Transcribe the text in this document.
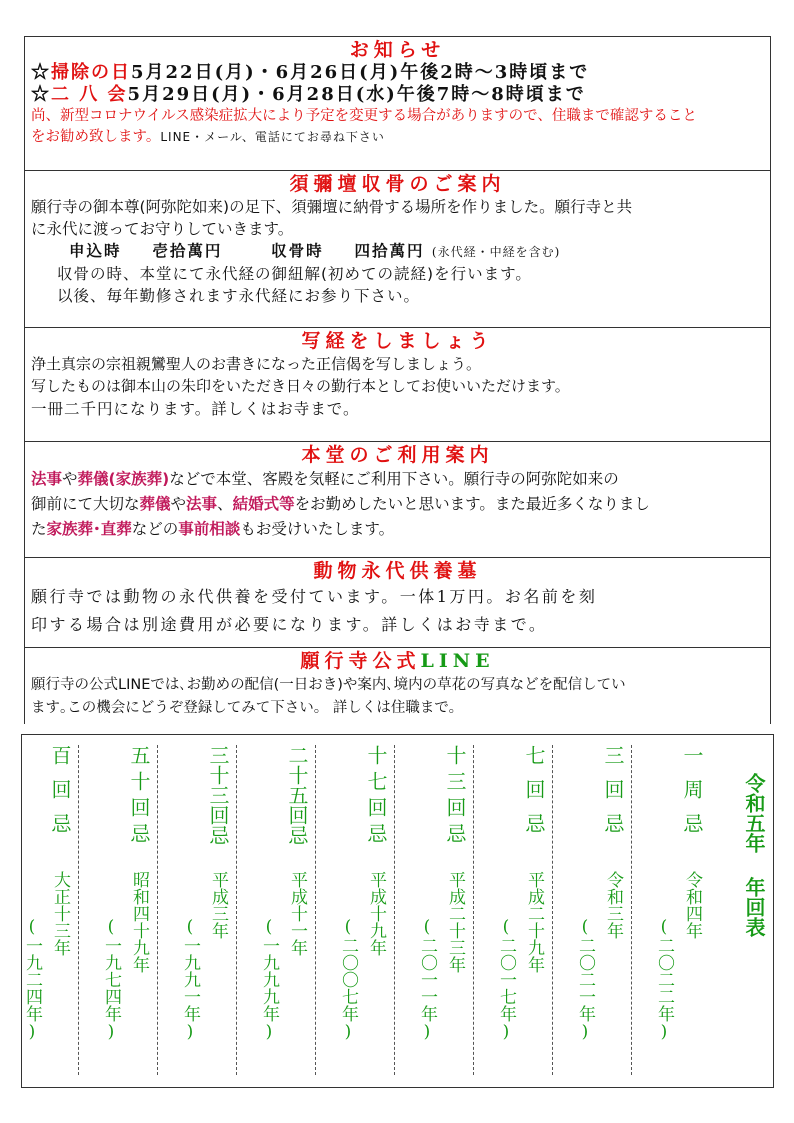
お知らせ
☆掃除の日5月22日(月)・6月26日(月)午後2時～3時頃まで
☆二 八 会5月29日(月)・6月28日(水)午後7時～8時頃まで
尚、新型コロナウイルス感染症拡大により予定を変更する場合がありますので、住職まで確認すること
をお勧め致します。LINE・メール、電話にてお尋ね下さい
須彌壇収骨のご案内
願行寺の御本尊(阿弥陀如来)の足下、須彌壇に納骨する場所を作りました。願行寺と共
に永代に渡ってお守りしていきます。
申込時 壱拾萬円	収骨時 四拾萬円 (永代経・中経を含む)
収骨の時、本堂にて永代経の御紐解(初めての読経)を行います。
以後、毎年勤修されます永代経にお参り下さい。
写経をしましょう
浄土真宗の宗祖親鸞聖人のお書きになった正信偈を写しましょう。
写したものは御本山の朱印をいただき日々の勤行本としてお使いいただけます。
一冊二千円になります。詳しくはお寺まで。
本堂のご利用案内
法事や葬儀(家族葬)などで本堂、客殿を気軽にご利用下さい。願行寺の阿弥陀如来の
御前にて大切な葬儀や法事、結婚式等をお勤めしたいと思います。また最近多くなりまし
た家族葬･直葬などの事前相談もお受けいたします。
動物永代供養墓
願行寺では動物の永代供養を受付ています。一体1万円。お名前を刻
印する場合は別途費用が必要になります。詳しくはお寺まで。
願行寺公式LINE
願行寺の公式LINEでは､お勤めの配信(一日おき)や案内､境内の草花の写真などを配信してい
ます｡この機会にどうぞ登録してみて下さい。 詳しくは住職まで。
令和五年 年回表
一周忌
令和四年
(二〇二二年)
三回忌
令和三年
(二〇二一年)
七回忌
平成二十九年
(二〇一七年)
十三回忌
平成二十三年
(二〇一一年)
十七回忌
平成十九年
(二〇〇七年)
二十五回忌
平成十一年
(一九九九年)
三十三回忌
平成三年
(一九九一年)
五十回忌
昭和四十九年
(一九七四年)
百回忌
大正十三年
(一九二四年)
